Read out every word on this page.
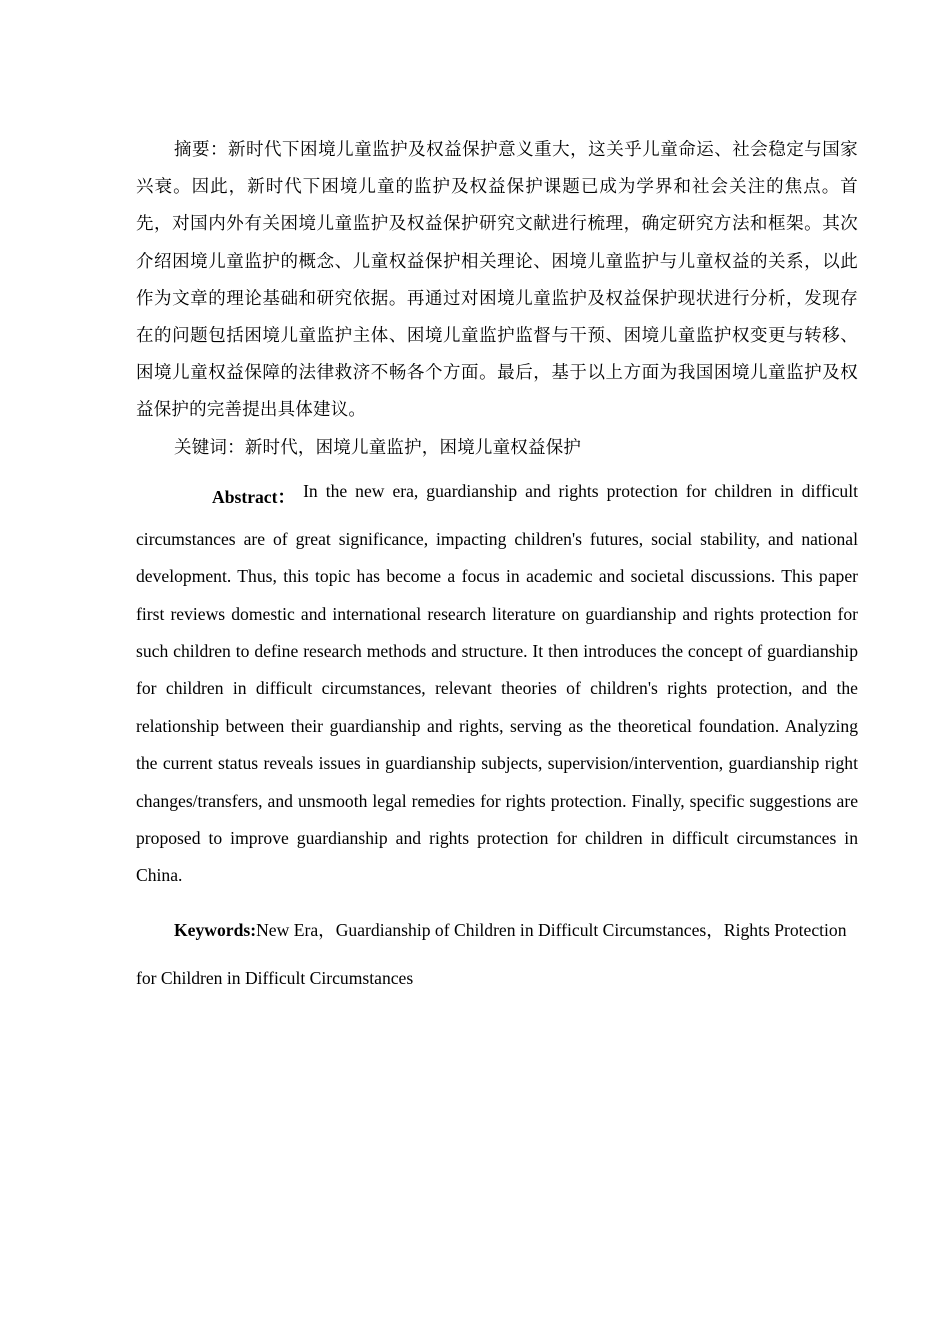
摘要：新时代下困境儿童监护及权益保护意义重大，这关乎儿童命运、社会稳定与国家兴衰。因此，新时代下困境儿童的监护及权益保护课题已成为学界和社会关注的焦点。首先，对国内外有关困境儿童监护及权益保护研究文献进行梳理，确定研究方法和框架。其次介绍困境儿童监护的概念、儿童权益保护相关理论、困境儿童监护与儿童权益的关系，以此作为文章的理论基础和研究依据。再通过对困境儿童监护及权益保护现状进行分析，发现存在的问题包括困境儿童监护主体、困境儿童监护监督与干预、困境儿童监护权变更与转移、困境儿童权益保障的法律救济不畅各个方面。最后，基于以上方面为我国困境儿童监护及权益保护的完善提出具体建议。

关键词：新时代，困境儿童监护，困境儿童权益保护

Abstract： In the new era, guardianship and rights protection for children in difficult circumstances are of great significance, impacting children's futures, social stability, and national development. Thus, this topic has become a focus in academic and societal discussions. This paper first reviews domestic and international research literature on guardianship and rights protection for such children to define research methods and structure. It then introduces the concept of guardianship for children in difficult circumstances, relevant theories of children's rights protection, and the relationship between their guardianship and rights, serving as the theoretical foundation. Analyzing the current status reveals issues in guardianship subjects, supervision/intervention, guardianship right changes/transfers, and unsmooth legal remedies for rights protection. Finally, specific suggestions are proposed to improve guardianship and rights protection for children in difficult circumstances in China.

Keywords:New Era，Guardianship of Children in Difficult Circumstances，Rights Protection for Children in Difficult Circumstances
